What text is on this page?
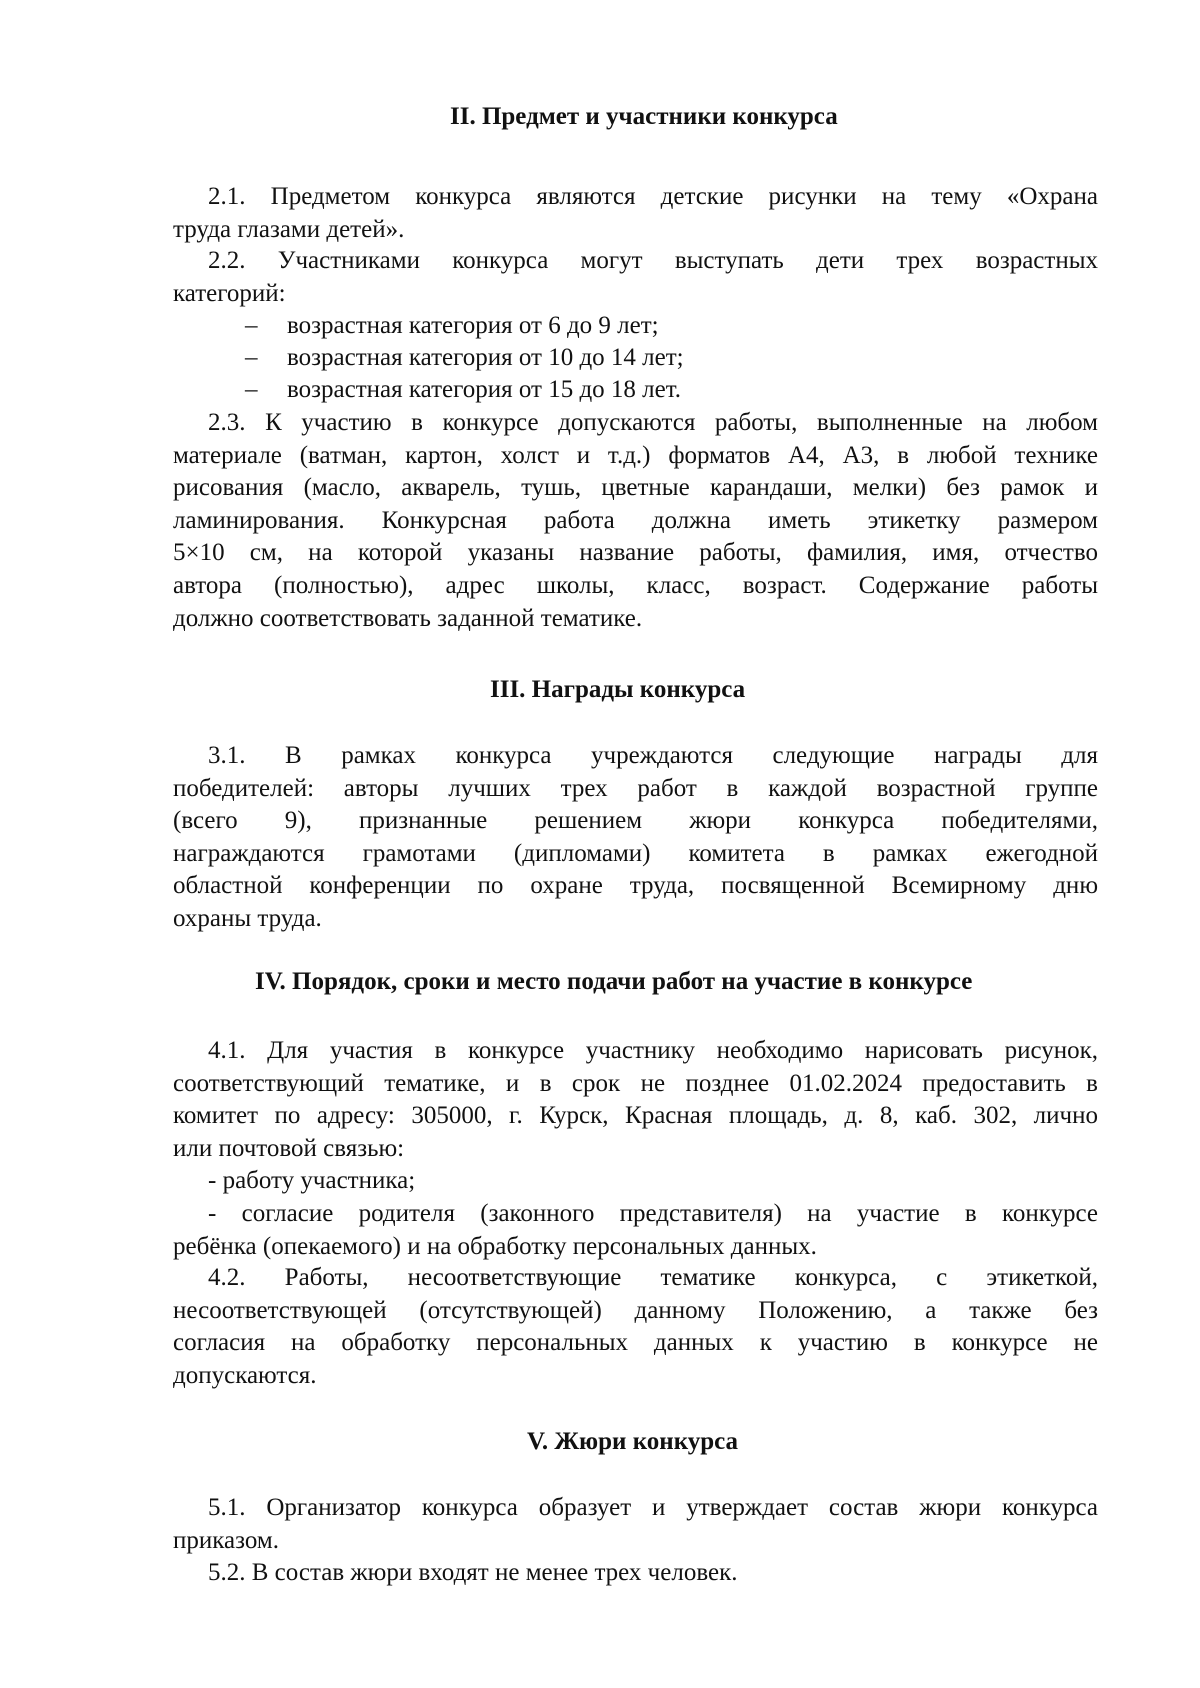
II. Предмет и участники конкурса
2.1. Предметом конкурса являются детские рисунки на тему «Охрана
труда глазами детей».
2.2. Участниками конкурса могут выступать дети трех возрастных
категорий:
– возрастная категория от 6 до 9 лет;
– возрастная категория от 10 до 14 лет;
– возрастная категория от 15 до 18 лет.
2.3. К участию в конкурсе допускаются работы, выполненные на любом
материале (ватман, картон, холст и т.д.) форматов А4, А3, в любой технике
рисования (масло, акварель, тушь, цветные карандаши, мелки) без рамок и
ламинирования. Конкурсная работа должна иметь этикетку размером
5×10 см, на которой указаны название работы, фамилия, имя, отчество
автора (полностью), адрес школы, класс, возраст. Содержание работы
должно соответствовать заданной тематике.
III. Награды конкурса
3.1. В рамках конкурса учреждаются следующие награды для
победителей: авторы лучших трех работ в каждой возрастной группе
(всего 9), признанные решением жюри конкурса победителями,
награждаются грамотами (дипломами) комитета в рамках ежегодной
областной конференции по охране труда, посвященной Всемирному дню
охраны труда.
IV. Порядок, сроки и место подачи работ на участие в конкурсе
4.1. Для участия в конкурсе участнику необходимо нарисовать рисунок,
соответствующий тематике, и в срок не позднее 01.02.2024 предоставить в
комитет по адресу: 305000, г. Курск, Красная площадь, д. 8, каб. 302, лично
или почтовой связью:
- работу участника;
- согласие родителя (законного представителя) на участие в конкурсе
ребёнка (опекаемого) и на обработку персональных данных.
4.2. Работы, несоответствующие тематике конкурса, с этикеткой,
несоответствующей (отсутствующей) данному Положению, а также без
согласия на обработку персональных данных к участию в конкурсе не
допускаются.
V. Жюри конкурса
5.1. Организатор конкурса образует и утверждает состав жюри конкурса
приказом.
5.2. В состав жюри входят не менее трех человек.
